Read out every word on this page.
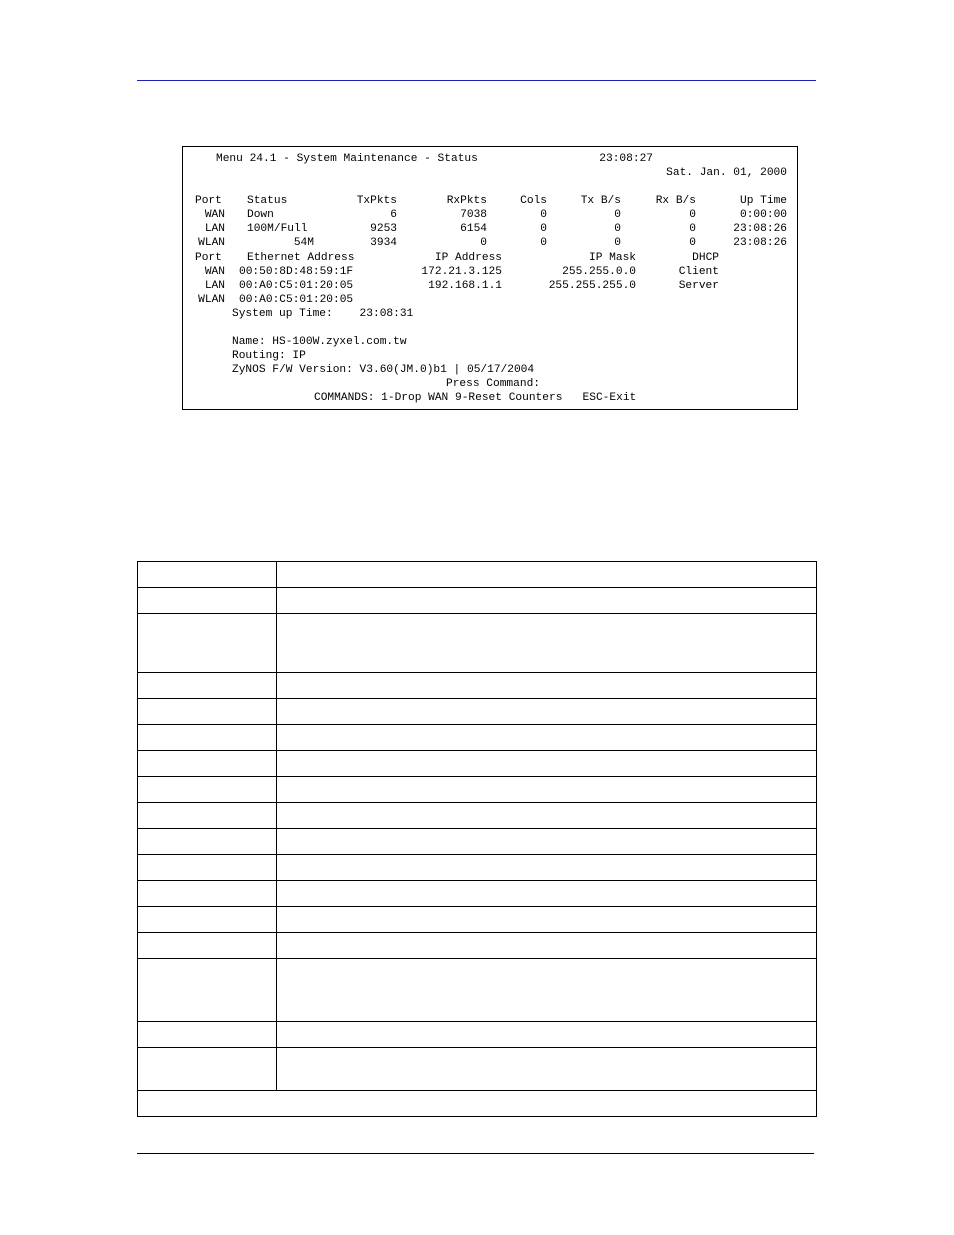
Menu 24.1 - System Maintenance - Status	23:08:27
Sat. Jan. 01, 2000
Port Status	TxPkts	RxPkts	Cols	Tx B/s	Rx B/s	Up Time
WAN Down	6	7038	0	0	0	0:00:00
LAN 100M/Full	9253	6154	0	0	0	23:08:26
WLAN	54M	3934	0	0	0	0	23:08:26
Port Ethernet Address	IP Address	IP Mask	DHCP
WAN 00:50:8D:48:59:1F	172.21.3.125	255.255.0.0	Client
LAN 00:A0:C5:01:20:05	192.168.1.1	255.255.255.0	Server
WLAN 00:A0:C5:01:20:05
System up Time:    23:08:31
Name: HS-100W.zyxel.com.tw
Routing: IP
ZyNOS F/W Version: V3.60(JM.0)b1 | 05/17/2004
Press Command:
COMMANDS: 1-Drop WAN 9-Reset Counters   ESC-Exit
